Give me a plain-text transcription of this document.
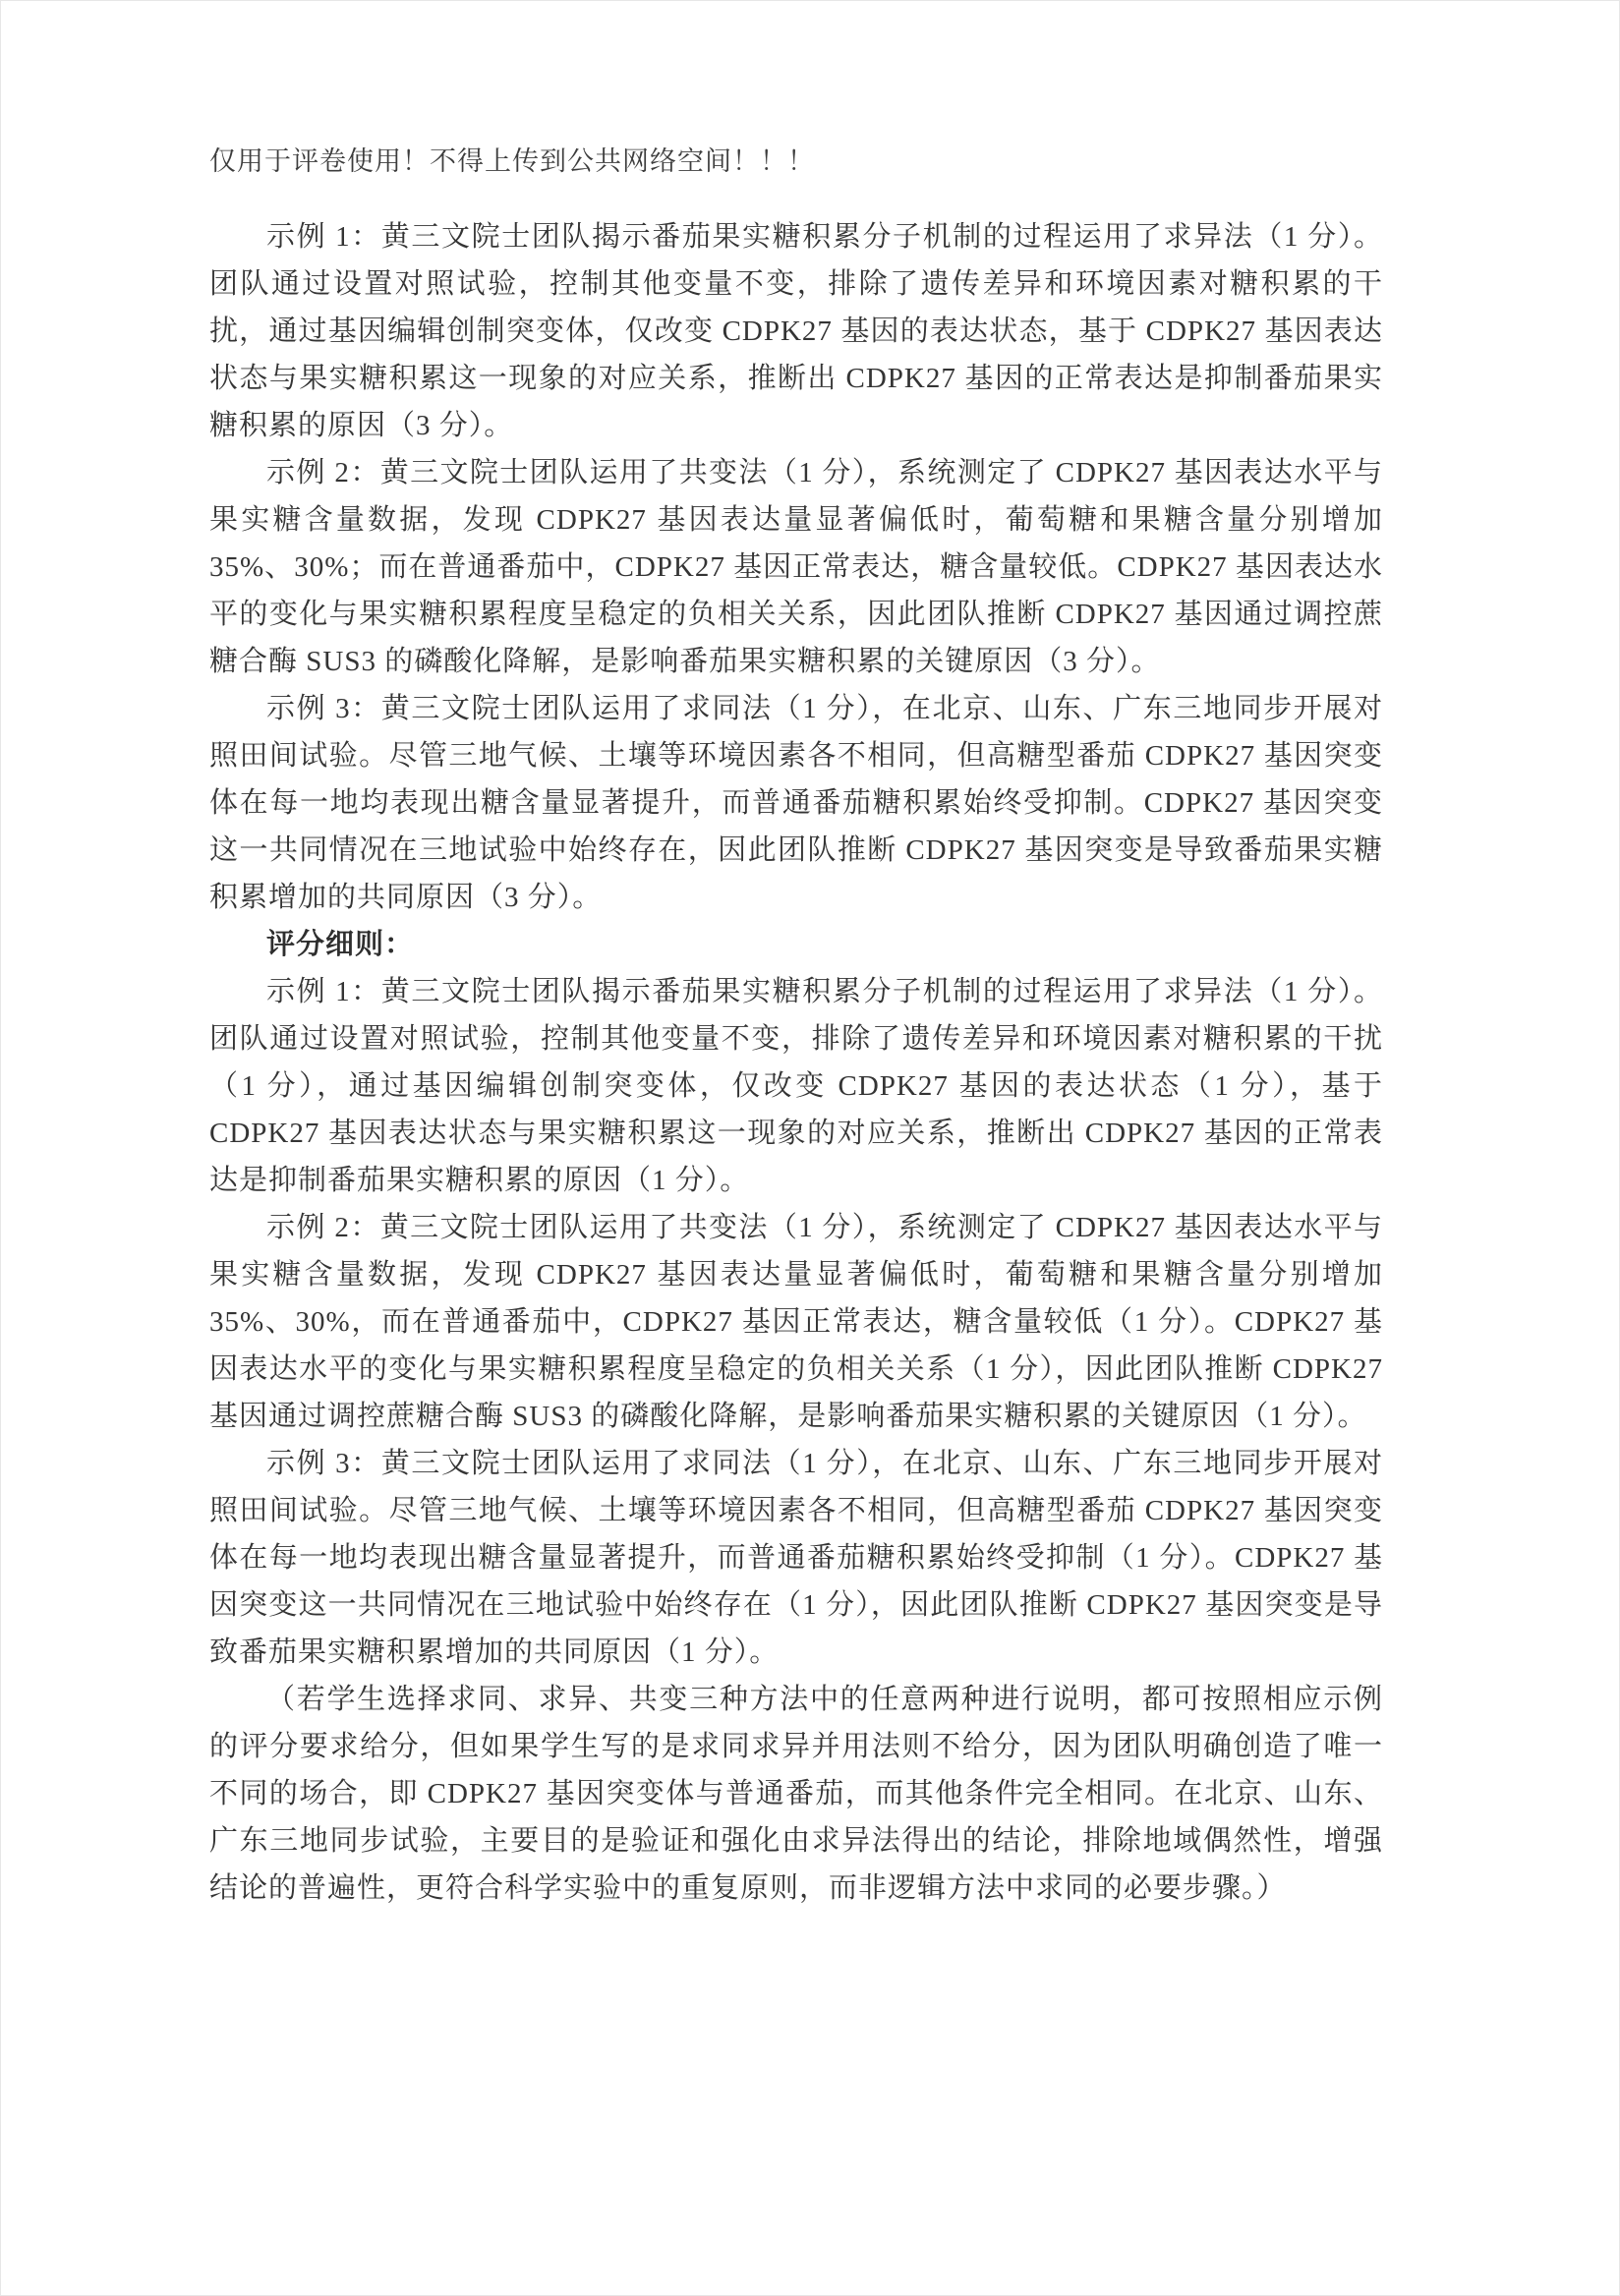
仅用于评卷使用！不得上传到公共网络空间！！！

示例 1：黄三文院士团队揭示番茄果实糖积累分子机制的过程运用了求异法（1 分）。团队通过设置对照试验，控制其他变量不变，排除了遗传差异和环境因素对糖积累的干扰，通过基因编辑创制突变体，仅改变 CDPK27 基因的表达状态，基于 CDPK27 基因表达状态与果实糖积累这一现象的对应关系，推断出 CDPK27 基因的正常表达是抑制番茄果实糖积累的原因（3 分）。

示例 2：黄三文院士团队运用了共变法（1 分），系统测定了 CDPK27 基因表达水平与果实糖含量数据，发现 CDPK27 基因表达量显著偏低时，葡萄糖和果糖含量分别增加 35%、30%；而在普通番茄中，CDPK27 基因正常表达，糖含量较低。CDPK27 基因表达水平的变化与果实糖积累程度呈稳定的负相关关系，因此团队推断 CDPK27 基因通过调控蔗糖合酶 SUS3 的磷酸化降解，是影响番茄果实糖积累的关键原因（3 分）。

示例 3：黄三文院士团队运用了求同法（1 分），在北京、山东、广东三地同步开展对照田间试验。尽管三地气候、土壤等环境因素各不相同，但高糖型番茄 CDPK27 基因突变体在每一地均表现出糖含量显著提升，而普通番茄糖积累始终受抑制。CDPK27 基因突变这一共同情况在三地试验中始终存在，因此团队推断 CDPK27 基因突变是导致番茄果实糖积累增加的共同原因（3 分）。

评分细则：

示例 1：黄三文院士团队揭示番茄果实糖积累分子机制的过程运用了求异法（1 分）。团队通过设置对照试验，控制其他变量不变，排除了遗传差异和环境因素对糖积累的干扰（1 分），通过基因编辑创制突变体，仅改变 CDPK27 基因的表达状态（1 分），基于 CDPK27 基因表达状态与果实糖积累这一现象的对应关系，推断出 CDPK27 基因的正常表达是抑制番茄果实糖积累的原因（1 分）。

示例 2：黄三文院士团队运用了共变法（1 分），系统测定了 CDPK27 基因表达水平与果实糖含量数据，发现 CDPK27 基因表达量显著偏低时，葡萄糖和果糖含量分别增加 35%、30%，而在普通番茄中，CDPK27 基因正常表达，糖含量较低（1 分）。CDPK27 基因表达水平的变化与果实糖积累程度呈稳定的负相关关系（1 分），因此团队推断 CDPK27 基因通过调控蔗糖合酶 SUS3 的磷酸化降解，是影响番茄果实糖积累的关键原因（1 分）。

示例 3：黄三文院士团队运用了求同法（1 分），在北京、山东、广东三地同步开展对照田间试验。尽管三地气候、土壤等环境因素各不相同，但高糖型番茄 CDPK27 基因突变体在每一地均表现出糖含量显著提升，而普通番茄糖积累始终受抑制（1 分）。CDPK27 基因突变这一共同情况在三地试验中始终存在（1 分），因此团队推断 CDPK27 基因突变是导致番茄果实糖积累增加的共同原因（1 分）。

（若学生选择求同、求异、共变三种方法中的任意两种进行说明，都可按照相应示例的评分要求给分，但如果学生写的是求同求异并用法则不给分，因为团队明确创造了唯一不同的场合，即 CDPK27 基因突变体与普通番茄，而其他条件完全相同。在北京、山东、广东三地同步试验，主要目的是验证和强化由求异法得出的结论，排除地域偶然性，增强结论的普遍性，更符合科学实验中的重复原则，而非逻辑方法中求同的必要步骤。）
